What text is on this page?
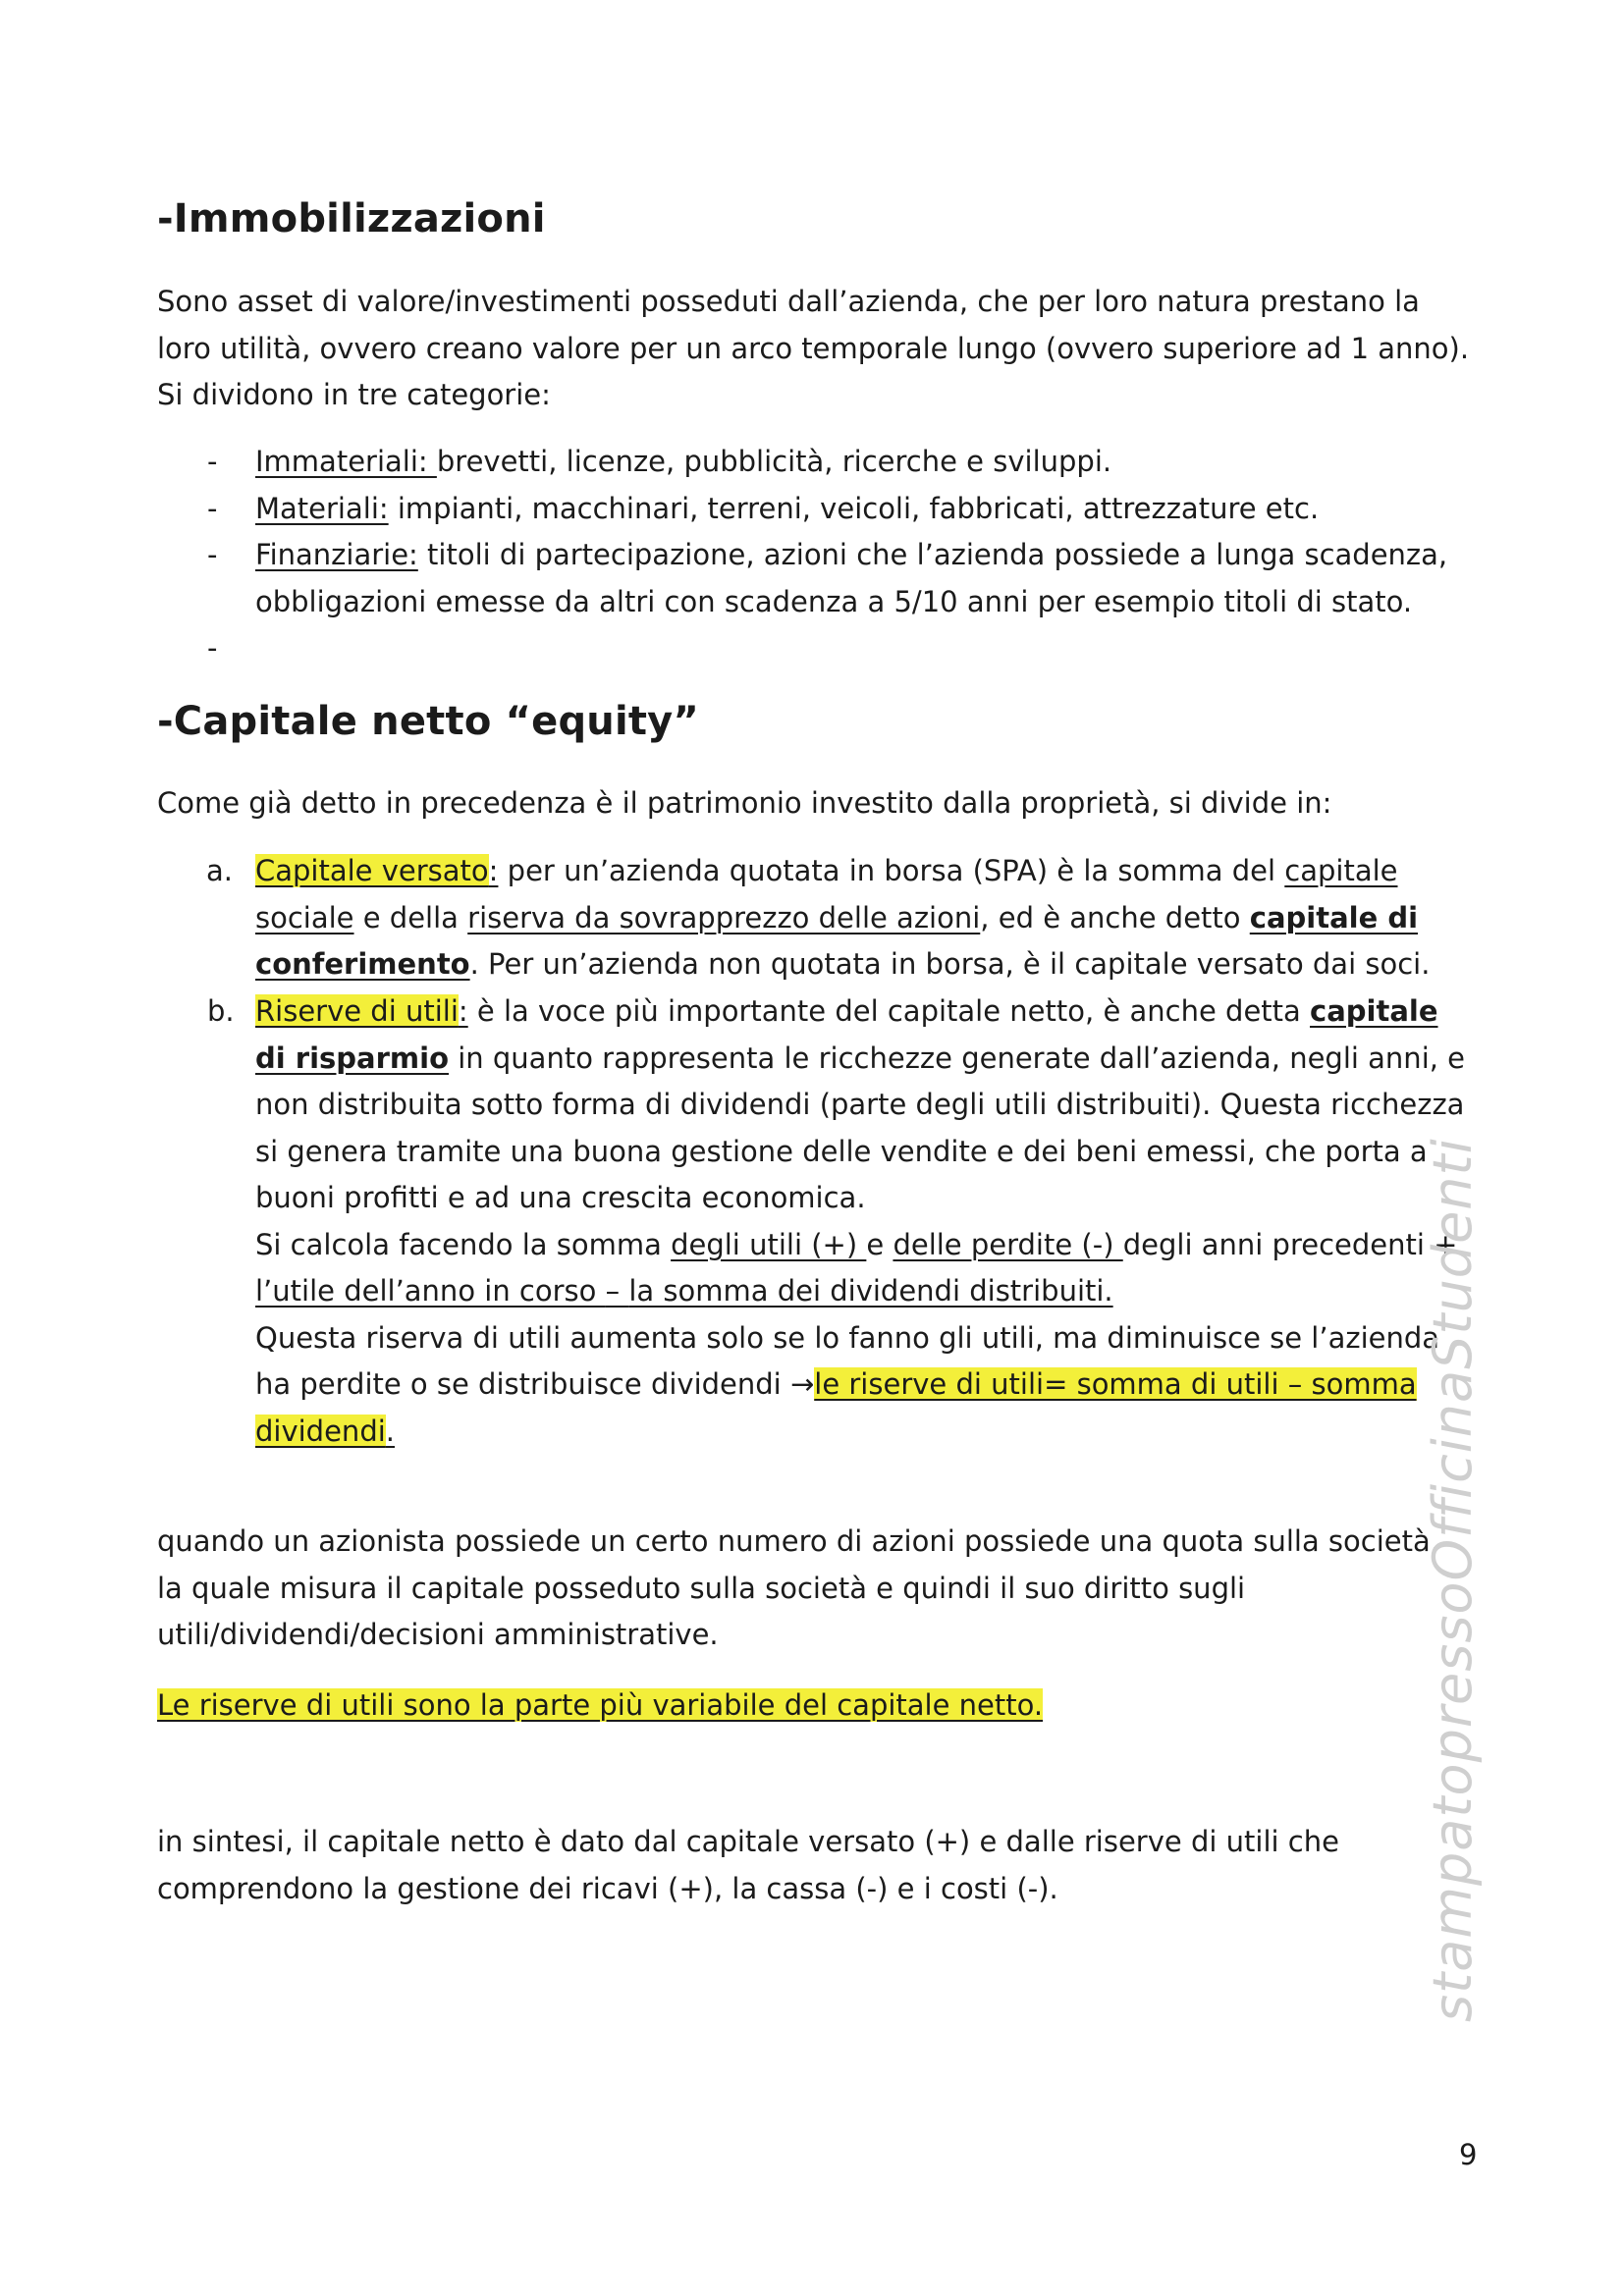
-Immobilizzazioni

Sono asset di valore/investimenti posseduti dall’azienda, che per loro natura prestano la loro utilità, ovvero creano valore per un arco temporale lungo (ovvero superiore ad 1 anno). Si dividono in tre categorie:

- Immateriali: brevetti, licenze, pubblicità, ricerche e sviluppi.
- Materiali: impianti, macchinari, terreni, veicoli, fabbricati, attrezzature etc.
- Finanziarie: titoli di partecipazione, azioni che l’azienda possiede a lunga scadenza, obbligazioni emesse da altri con scadenza a 5/10 anni per esempio titoli di stato.
-
-Capitale netto “equity”

Come già detto in precedenza è il patrimonio investito dalla proprietà, si divide in:

a. Capitale versato: per un’azienda quotata in borsa (SPA) è la somma del capitale sociale e della riserva da sovrapprezzo delle azioni, ed è anche detto capitale di conferimento. Per un’azienda non quotata in borsa, è il capitale versato dai soci.
b. Riserve di utili: è la voce più importante del capitale netto, è anche detta capitale di risparmio in quanto rappresenta le ricchezze generate dall’azienda, negli anni, e non distribuita sotto forma di dividendi (parte degli utili distribuiti). Questa ricchezza si genera tramite una buona gestione delle vendite e dei beni emessi, che porta a buoni profitti e ad una crescita economica.
Si calcola facendo la somma degli utili (+) e delle perdite (-) degli anni precedenti + l’utile dell’anno in corso – la somma dei dividendi distribuiti.
Questa riserva di utili aumenta solo se lo fanno gli utili, ma diminuisce se l’azienda ha perdite o se distribuisce dividendi →le riserve di utili= somma di utili – somma dividendi.

quando un azionista possiede un certo numero di azioni possiede una quota sulla società, la quale misura il capitale posseduto sulla società e quindi il suo diritto sugli utili/dividendi/decisioni amministrative.

Le riserve di utili sono la parte più variabile del capitale netto.

in sintesi, il capitale netto è dato dal capitale versato (+) e dalle riserve di utili che comprendono la gestione dei ricavi (+), la cassa (-) e i costi (-).	stampatopressoOfficinaStudenti
9
